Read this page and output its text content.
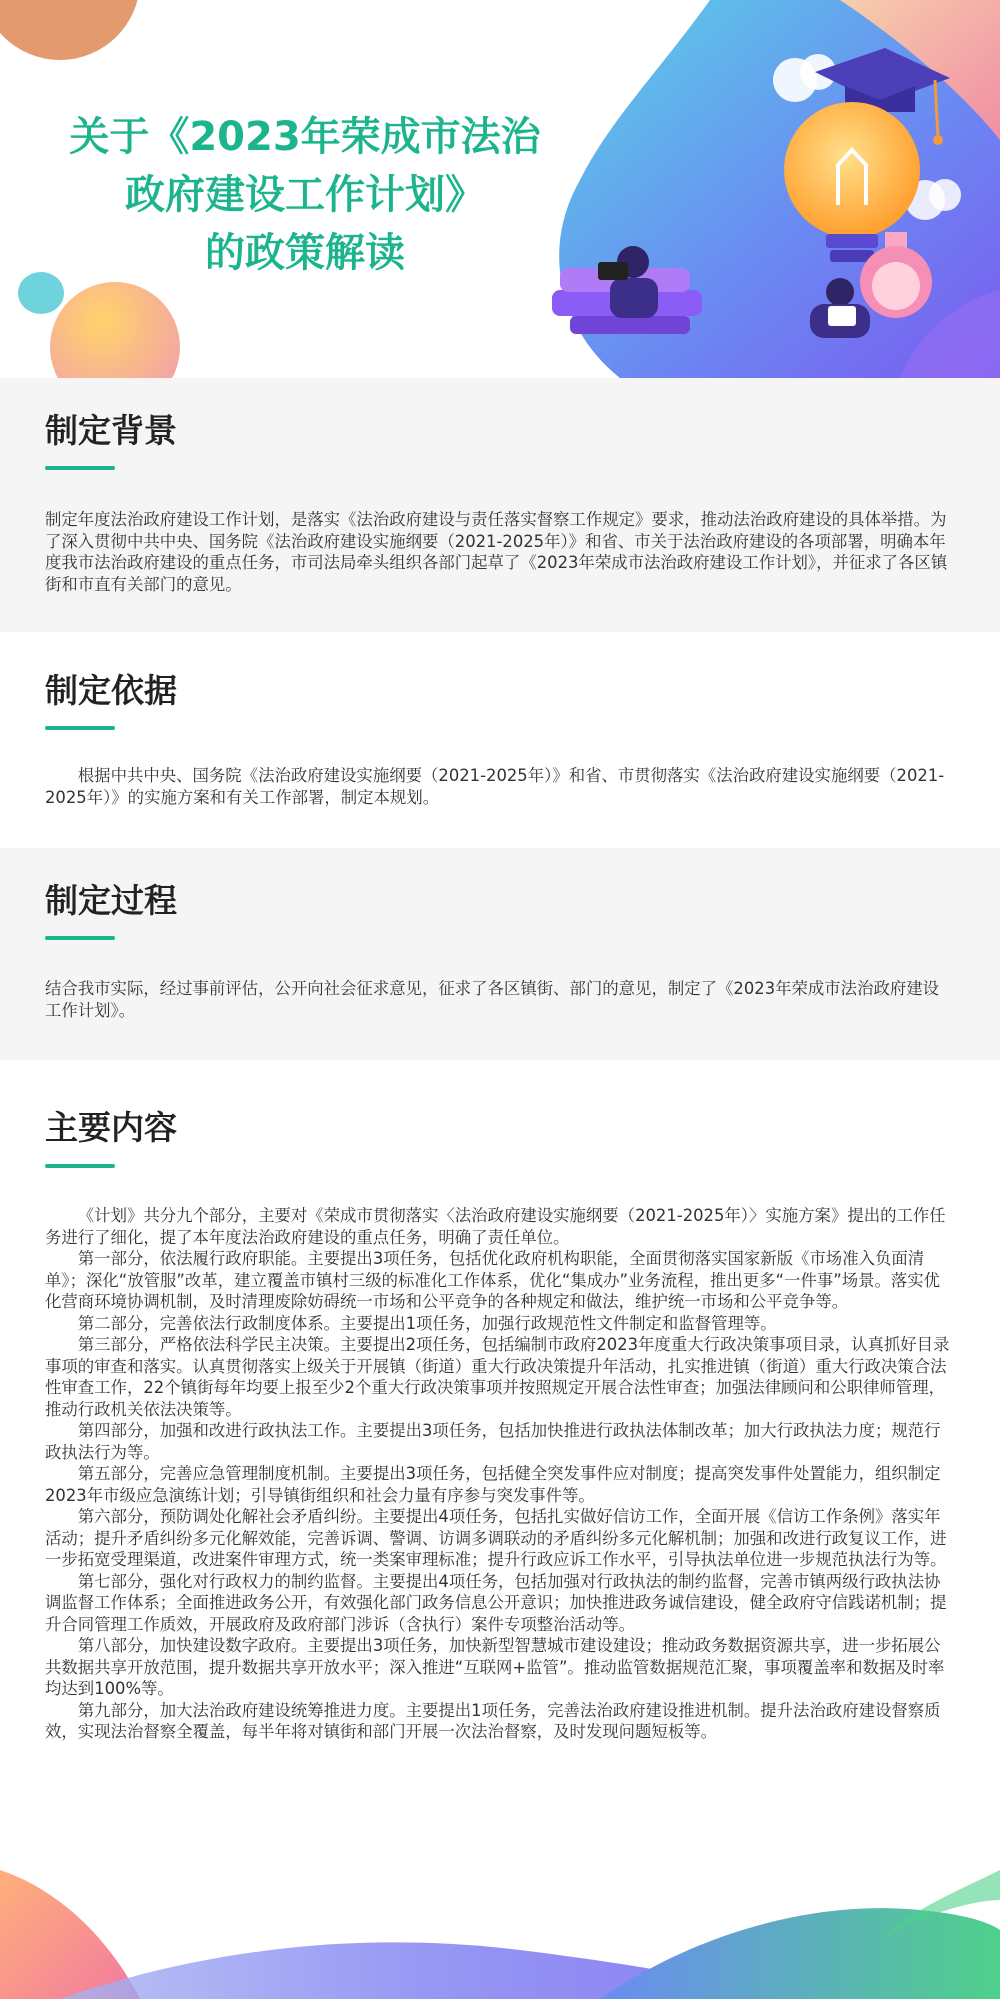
关于《2023年荣成市法治
政府建设工作计划》
的政策解读
制定背景
制定年度法治政府建设工作计划，是落实《法治政府建设与责任落实督察工作规定》要求，推动法治政府建设的具体举措。为了深入贯彻中共中央、国务院《法治政府建设实施纲要（2021-2025年）》和省、市关于法治政府建设的各项部署，明确本年度我市法治政府建设的重点任务，市司法局牵头组织各部门起草了《2023年荣成市法治政府建设工作计划》，并征求了各区镇街和市直有关部门的意见。
制定依据
根据中共中央、国务院《法治政府建设实施纲要（2021-2025年）》和省、市贯彻落实《法治政府建设实施纲要（2021-2025年）》的实施方案和有关工作部署，制定本规划。
制定过程
结合我市实际，经过事前评估，公开向社会征求意见，征求了各区镇街、部门的意见，制定了《2023年荣成市法治政府建设工作计划》。
主要内容

《计划》共分九个部分，主要对《荣成市贯彻落实〈法治政府建设实施纲要（2021-2025年）〉实施方案》提出的工作任务进行了细化，提了本年度法治政府建设的重点任务，明确了责任单位。

第一部分，依法履行政府职能。主要提出3项任务，包括优化政府机构职能，全面贯彻落实国家新版《市场准入负面清单》；深化“放管服”改革，建立覆盖市镇村三级的标准化工作体系，优化“集成办”业务流程，推出更多“一件事”场景。落实优化营商环境协调机制，及时清理废除妨碍统一市场和公平竞争的各种规定和做法，维护统一市场和公平竞争等。

第二部分，完善依法行政制度体系。主要提出1项任务，加强行政规范性文件制定和监督管理等。

第三部分，严格依法科学民主决策。主要提出2项任务，包括编制市政府2023年度重大行政决策事项目录，认真抓好目录事项的审查和落实。认真贯彻落实上级关于开展镇（街道）重大行政决策提升年活动，扎实推进镇（街道）重大行政决策合法性审查工作，22个镇街每年均要上报至少2个重大行政决策事项并按照规定开展合法性审查；加强法律顾问和公职律师管理，推动行政机关依法决策等。

第四部分，加强和改进行政执法工作。主要提出3项任务，包括加快推进行政执法体制改革；加大行政执法力度；规范行政执法行为等。

第五部分，完善应急管理制度机制。主要提出3项任务，包括健全突发事件应对制度；提高突发事件处置能力，组织制定2023年市级应急演练计划；引导镇街组织和社会力量有序参与突发事件等。

第六部分，预防调处化解社会矛盾纠纷。主要提出4项任务，包括扎实做好信访工作，全面开展《信访工作条例》落实年活动；提升矛盾纠纷多元化解效能，完善诉调、警调、访调多调联动的矛盾纠纷多元化解机制；加强和改进行政复议工作，进一步拓宽受理渠道，改进案件审理方式，统一类案审理标准；提升行政应诉工作水平，引导执法单位进一步规范执法行为等。

第七部分，强化对行政权力的制约监督。主要提出4项任务，包括加强对行政执法的制约监督，完善市镇两级行政执法协调监督工作体系；全面推进政务公开，有效强化部门政务信息公开意识；加快推进政务诚信建设，健全政府守信践诺机制；提升合同管理工作质效，开展政府及政府部门涉诉（含执行）案件专项整治活动等。

第八部分，加快建设数字政府。主要提出3项任务，加快新型智慧城市建设建设；推动政务数据资源共享，进一步拓展公共数据共享开放范围，提升数据共享开放水平；深入推进“互联网+监管”。推动监管数据规范汇聚，事项覆盖率和数据及时率均达到100%等。

第九部分，加大法治政府建设统筹推进力度。主要提出1项任务，完善法治政府建设推进机制。提升法治政府建设督察质效，实现法治督察全覆盖，每半年将对镇街和部门开展一次法治督察，及时发现问题短板等。
